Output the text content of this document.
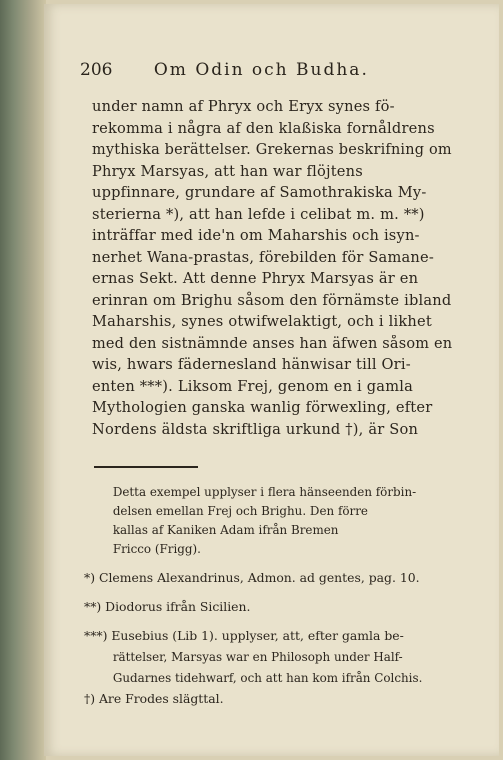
206 Om Odin och Budha.
under namn af Phryx och Eryx synes fö-
rekomma i några af den klaßiska fornåldrens
mythiska berättelser. Grekernas beskrifning om
Phryx Marsyas, att han war flöjtens
uppfinnare, grundare af Samothrakiska My-
sterierna *), att han lefde i celibat m. m. **)
inträffar med ide'n om Maharshis och isyn-
nerhet Wana-prastas, förebilden för Samane-
ernas Sekt. Att denne Phryx Marsyas är en
erinran om Brighu såsom den förnämste ibland
Maharshis, synes otwifwelaktigt, och i likhet
med den sistnämnde anses han äfwen såsom en
wis, hwars fädernesland hänwisar till Ori-
enten ***). Liksom Frej, genom en i gamla
Mythologien ganska wanlig förwexling, efter
Nordens äldsta skriftliga urkund †), är Son
Detta exempel upplyser i flera hänseenden förbin-
delsen emellan Frej och Brighu. Den förre
kallas af Kaniken Adam ifrån Bremen
Fricco (Frigg).
*) Clemens Alexandrinus, Admon. ad gentes, pag. 10.
**) Diodorus ifrån Sicilien.
***) Eusebius (Lib 1). upplyser, att, efter gamla be-
rättelser, Marsyas war en Philosoph under Half-
Gudarnes tidehwarf, och att han kom ifrån Colchis.
†) Are Frodes slägttal.
